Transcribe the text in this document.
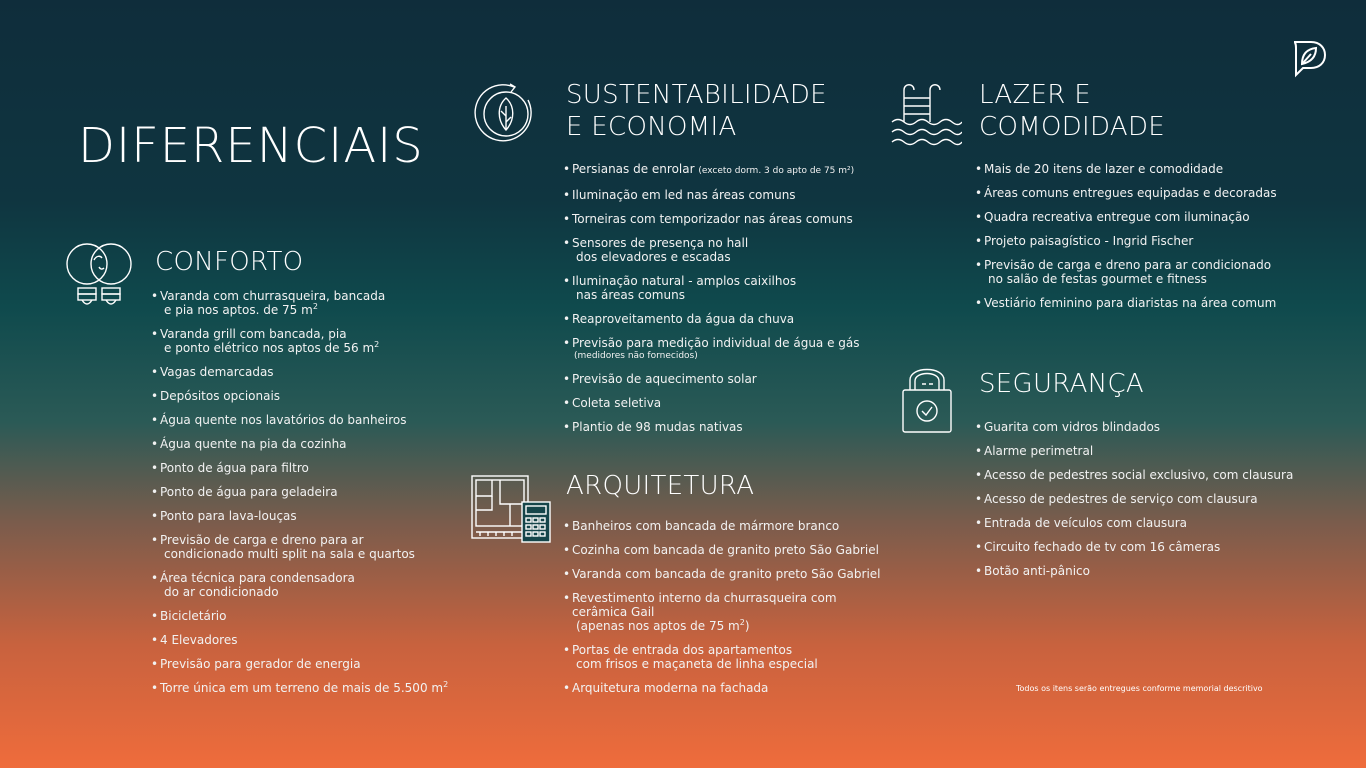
DIFERENCIAIS
CONFORTO
• Varanda com churrasqueira, bancada
e pia nos aptos. de 75 $m^2$
• Varanda grill com bancada, pia
e ponto elétrico nos aptos de 56 $m^2$
• Vagas demarcadas
• Depósitos opcionais
• Água quente nos lavatórios do banheiros
• Água quente na pia da cozinha
• Ponto de água para filtro
• Ponto de água para geladeira
• Ponto para lava-louças
• Previsão de carga e dreno para ar
condicionado multi split na sala e quartos
• Área técnica para condensadora
do ar condicionado
• Bicicletário
• 4 Elevadores
• Previsão para gerador de energia
• Torre única em um terreno de mais de 5.500 $m^2$
SUSTENTABILIDADE
E ECONOMIA
• Persianas de enrolar (exceto dorm. 3 do apto de 75 m²)
• Iluminação em led nas áreas comuns
• Torneiras com temporizador nas áreas comuns
• Sensores de presença no hall
dos elevadores e escadas
• Iluminação natural - amplos caixilhos
nas áreas comuns
• Reaproveitamento da água da chuva
• Previsão para medição individual de água e gás
(medidores não fornecidos)
• Previsão de aquecimento solar
• Coleta seletiva
• Plantio de 98 mudas nativas
ARQUITETURA
• Banheiros com bancada de mármore branco
• Cozinha com bancada de granito preto São Gabriel
• Varanda com bancada de granito preto São Gabriel
• Revestimento interno da churrasqueira com cerâmica Gail
(apenas nos aptos de 75 $m^2$)
• Portas de entrada dos apartamentos
com frisos e maçaneta de linha especial
• Arquitetura moderna na fachada
LAZER E
COMODIDADE
• Mais de 20 itens de lazer e comodidade
• Áreas comuns entregues equipadas e decoradas
• Quadra recreativa entregue com iluminação
• Projeto paisagístico - Ingrid Fischer
• Previsão de carga e dreno para ar condicionado
no salão de festas gourmet e fitness
• Vestiário feminino para diaristas na área comum
SEGURANÇA
• Guarita com vidros blindados
• Alarme perimetral
• Acesso de pedestres social exclusivo, com clausura
• Acesso de pedestres de serviço com clausura
• Entrada de veículos com clausura
• Circuito fechado de tv com 16 câmeras
• Botão anti-pânico
Todos os itens serão entregues conforme memorial descritivo
